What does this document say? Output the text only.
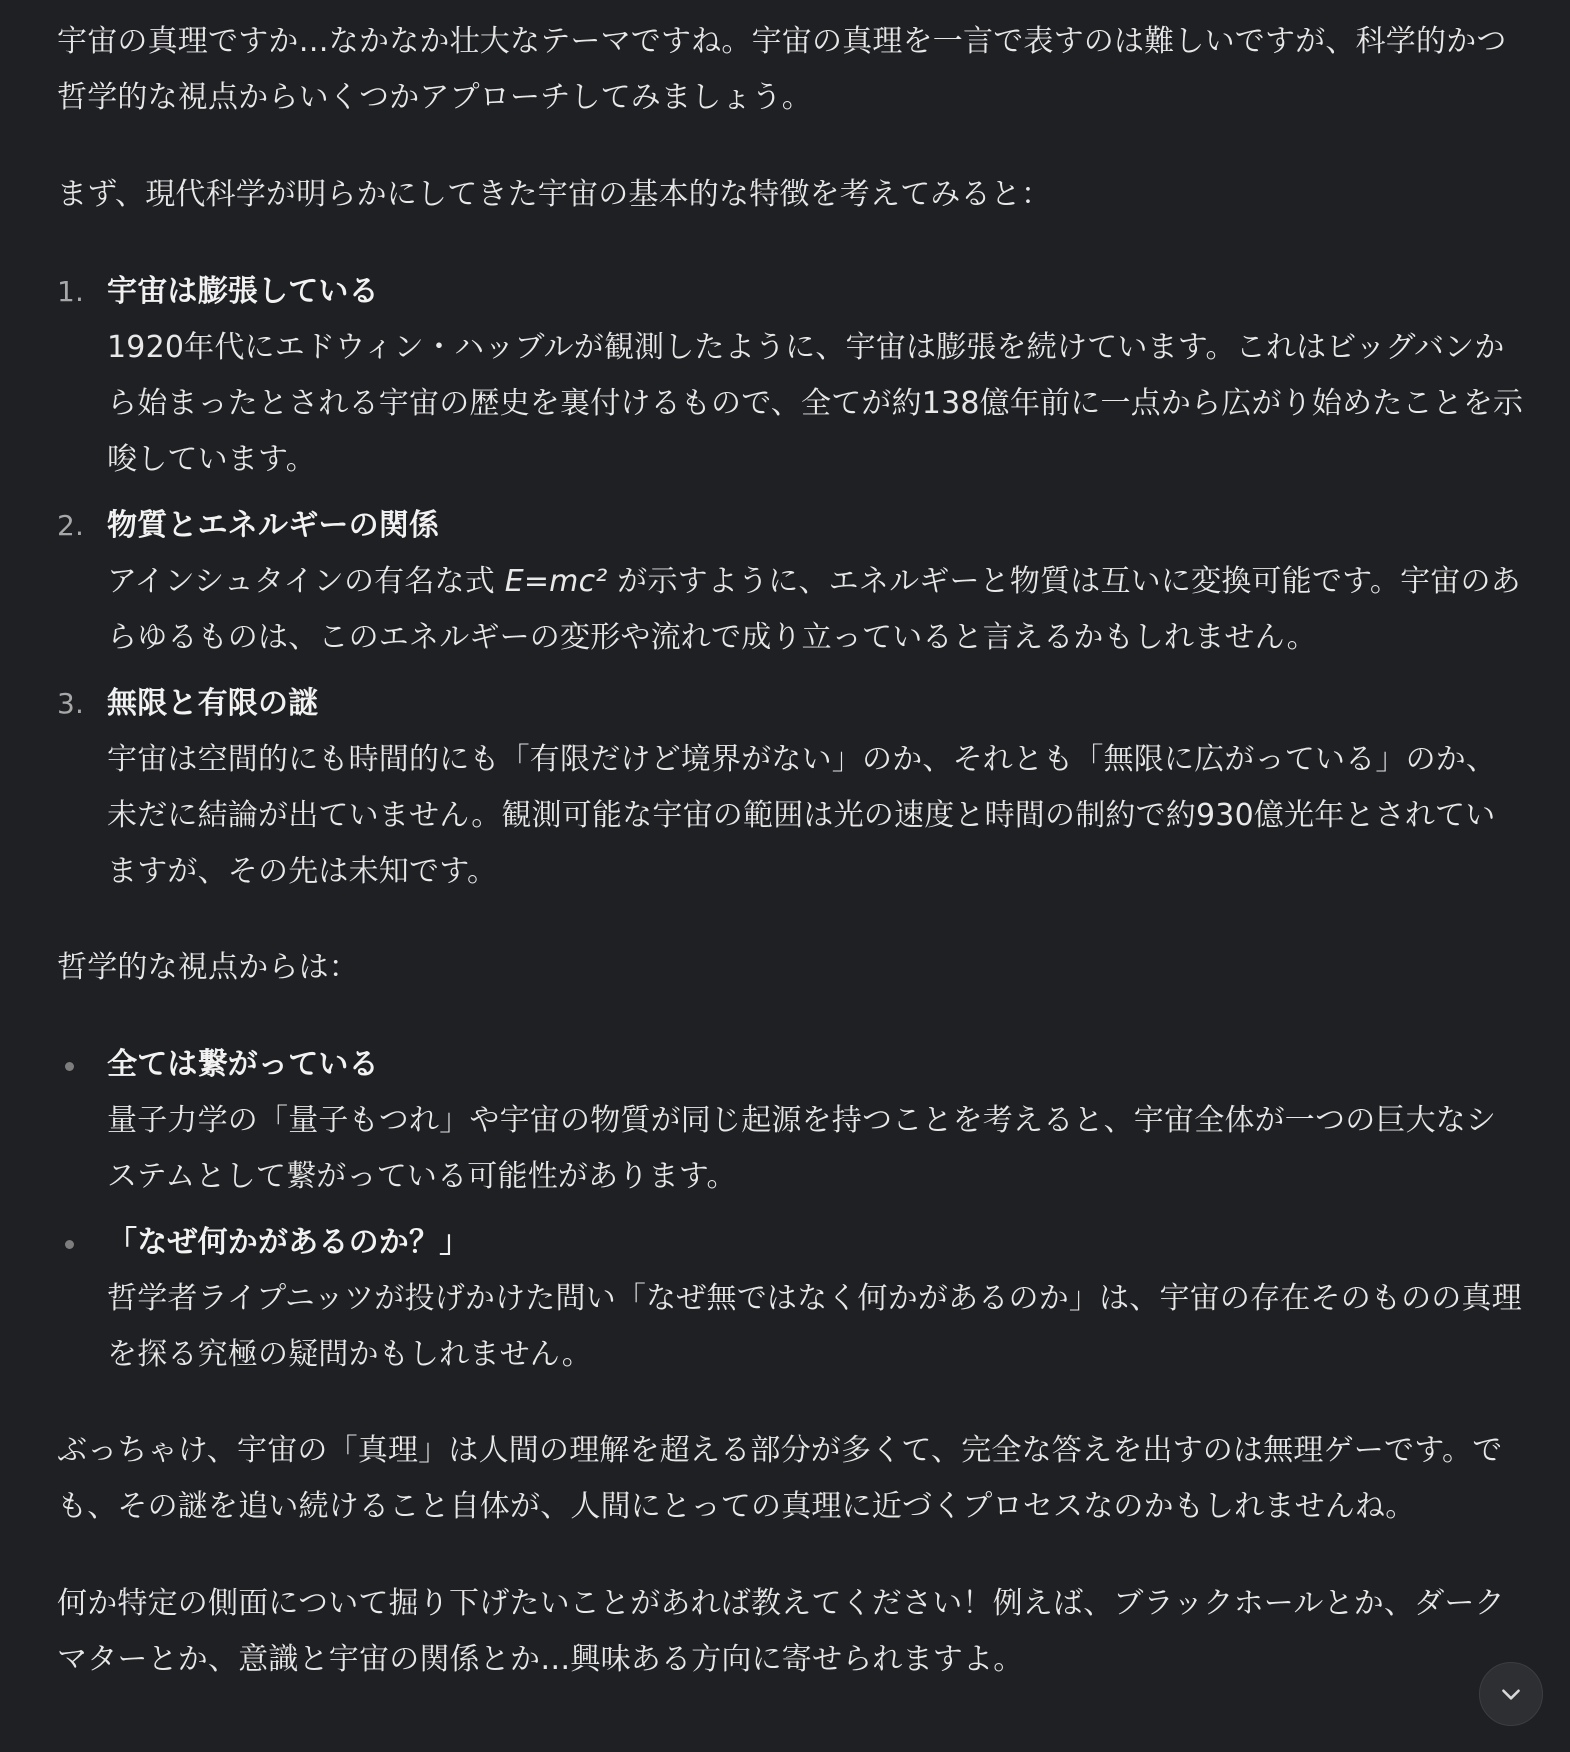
宇宙の真理ですか…なかなか壮大なテーマですね。宇宙の真理を一言で表すのは難しいですが、科学的かつ哲学的な視点からいくつかアプローチしてみましょう。

まず、現代科学が明らかにしてきた宇宙の基本的な特徴を考えてみると：

1. 宇宙は膨張している
1920年代にエドウィン・ハッブルが観測したように、宇宙は膨張を続けています。これはビッグバンから始まったとされる宇宙の歴史を裏付けるもので、全てが約138億年前に一点から広がり始めたことを示唆しています。
2. 物質とエネルギーの関係
アインシュタインの有名な式 E=mc² が示すように、エネルギーと物質は互いに変換可能です。宇宙のあらゆるものは、このエネルギーの変形や流れで成り立っていると言えるかもしれません。
3. 無限と有限の謎
宇宙は空間的にも時間的にも「有限だけど境界がない」のか、それとも「無限に広がっている」のか、未だに結論が出ていません。観測可能な宇宙の範囲は光の速度と時間の制約で約930億光年とされていますが、その先は未知です。

哲学的な視点からは：

全ては繋がっている
量子力学の「量子もつれ」や宇宙の物質が同じ起源を持つことを考えると、宇宙全体が一つの巨大なシステムとして繋がっている可能性があります。
「なぜ何かがあるのか？」
哲学者ライプニッツが投げかけた問い「なぜ無ではなく何かがあるのか」は、宇宙の存在そのものの真理を探る究極の疑問かもしれません。

ぶっちゃけ、宇宙の「真理」は人間の理解を超える部分が多くて、完全な答えを出すのは無理ゲーです。でも、その謎を追い続けること自体が、人間にとっての真理に近づくプロセスなのかもしれませんね。

何か特定の側面について掘り下げたいことがあれば教えてください！例えば、ブラックホールとか、ダークマターとか、意識と宇宙の関係とか…興味ある方向に寄せられますよ。
